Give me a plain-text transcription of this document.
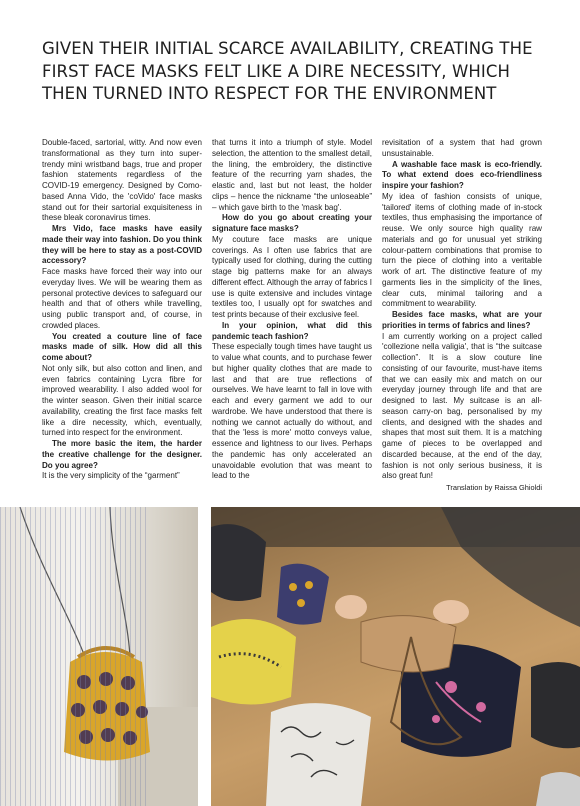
GIVEN THEIR INITIAL SCARCE AVAILABILITY, CREATING THE FIRST FACE MASKS FELT LIKE A DIRE NECESSITY, WHICH THEN TURNED INTO RESPECT FOR THE ENVIRONMENT

Double-faced, sartorial, witty. And now even transformational as they turn into super-trendy mini wristband bags, true and proper fashion statements regardless of the COVID-19 emergency. Designed by Como-based Anna Vido, the 'coVido' face masks stand out for their sartorial exquisiteness in these bleak coronavirus times.

Mrs Vido, face masks have easily made their way into fashion. Do you think they will be here to stay as a post-COVID accessory?

Face masks have forced their way into our everyday lives. We will be wearing them as personal protective devices to safeguard our health and that of others while travelling, using public transport and, of course, in crowded places.

You created a couture line of face masks made of silk. How did all this come about?

Not only silk, but also cotton and linen, and even fabrics containing Lycra fibre for improved wearability. I also added wool for the winter season. Given their initial scarce availability, creating the first face masks felt like a dire necessity, which, eventually, turned into respect for the environment.

The more basic the item, the harder the creative challenge for the designer. Do you agree?

It is the very simplicity of the “garment”

that turns it into a triumph of style. Model selection, the attention to the smallest detail, the lining, the embroidery, the distinctive feature of the recurring yarn shades, the elastic and, last but not least, the holder clips – hence the nickname “the unloseable” – which gave birth to the 'mask bag'.

How do you go about creating your signature face masks?

My couture face masks are unique coverings. As I often use fabrics that are typically used for clothing, during the cutting stage big patterns make for an always different effect. Although the array of fabrics I use is quite extensive and includes vintage textiles too, I usually opt for swatches and test prints because of their exclusive feel.

In your opinion, what did this pandemic teach fashion?

These especially tough times have taught us to value what counts, and to purchase fewer but higher quality clothes that are made to last and that are true reflections of ourselves. We have learnt to fall in love with each and every garment we add to our wardrobe. We have understood that there is nothing we cannot actually do without, and that the 'less is more' motto conveys value, essence and lightness to our lives. Perhaps the pandemic has only accelerated an unavoidable evolution that was meant to lead to the

revisitation of a system that had grown unsustainable.

A washable face mask is eco-friendly. To what extend does eco-friendliness inspire your fashion?

My idea of fashion consists of unique, 'tailored' items of clothing made of in-stock textiles, thus emphasising the importance of reuse. We only source high quality raw materials and go for unusual yet striking colour-pattern combinations that promise to turn the piece of clothing into a veritable work of art. The distinctive feature of my garments lies in the simplicity of the lines, clear cuts, minimal tailoring and a commitment to wearability.

Besides face masks, what are your priorities in terms of fabrics and lines?

I am currently working on a project called 'collezione nella valigia', that is “the suitcase collection”. It is a slow couture line consisting of our favourite, must-have items that we can easily mix and match on our everyday journey through life and that are designed to last. My suitcase is an all-season carry-on bag, personalised by my clients, and designed with the shades and shapes that most suit them. It is a matching game of pieces to be overlapped and discarded because, at the end of the day, fashion is not only serious business, it is also great fun!

Translation by Raissa Ghioldi
